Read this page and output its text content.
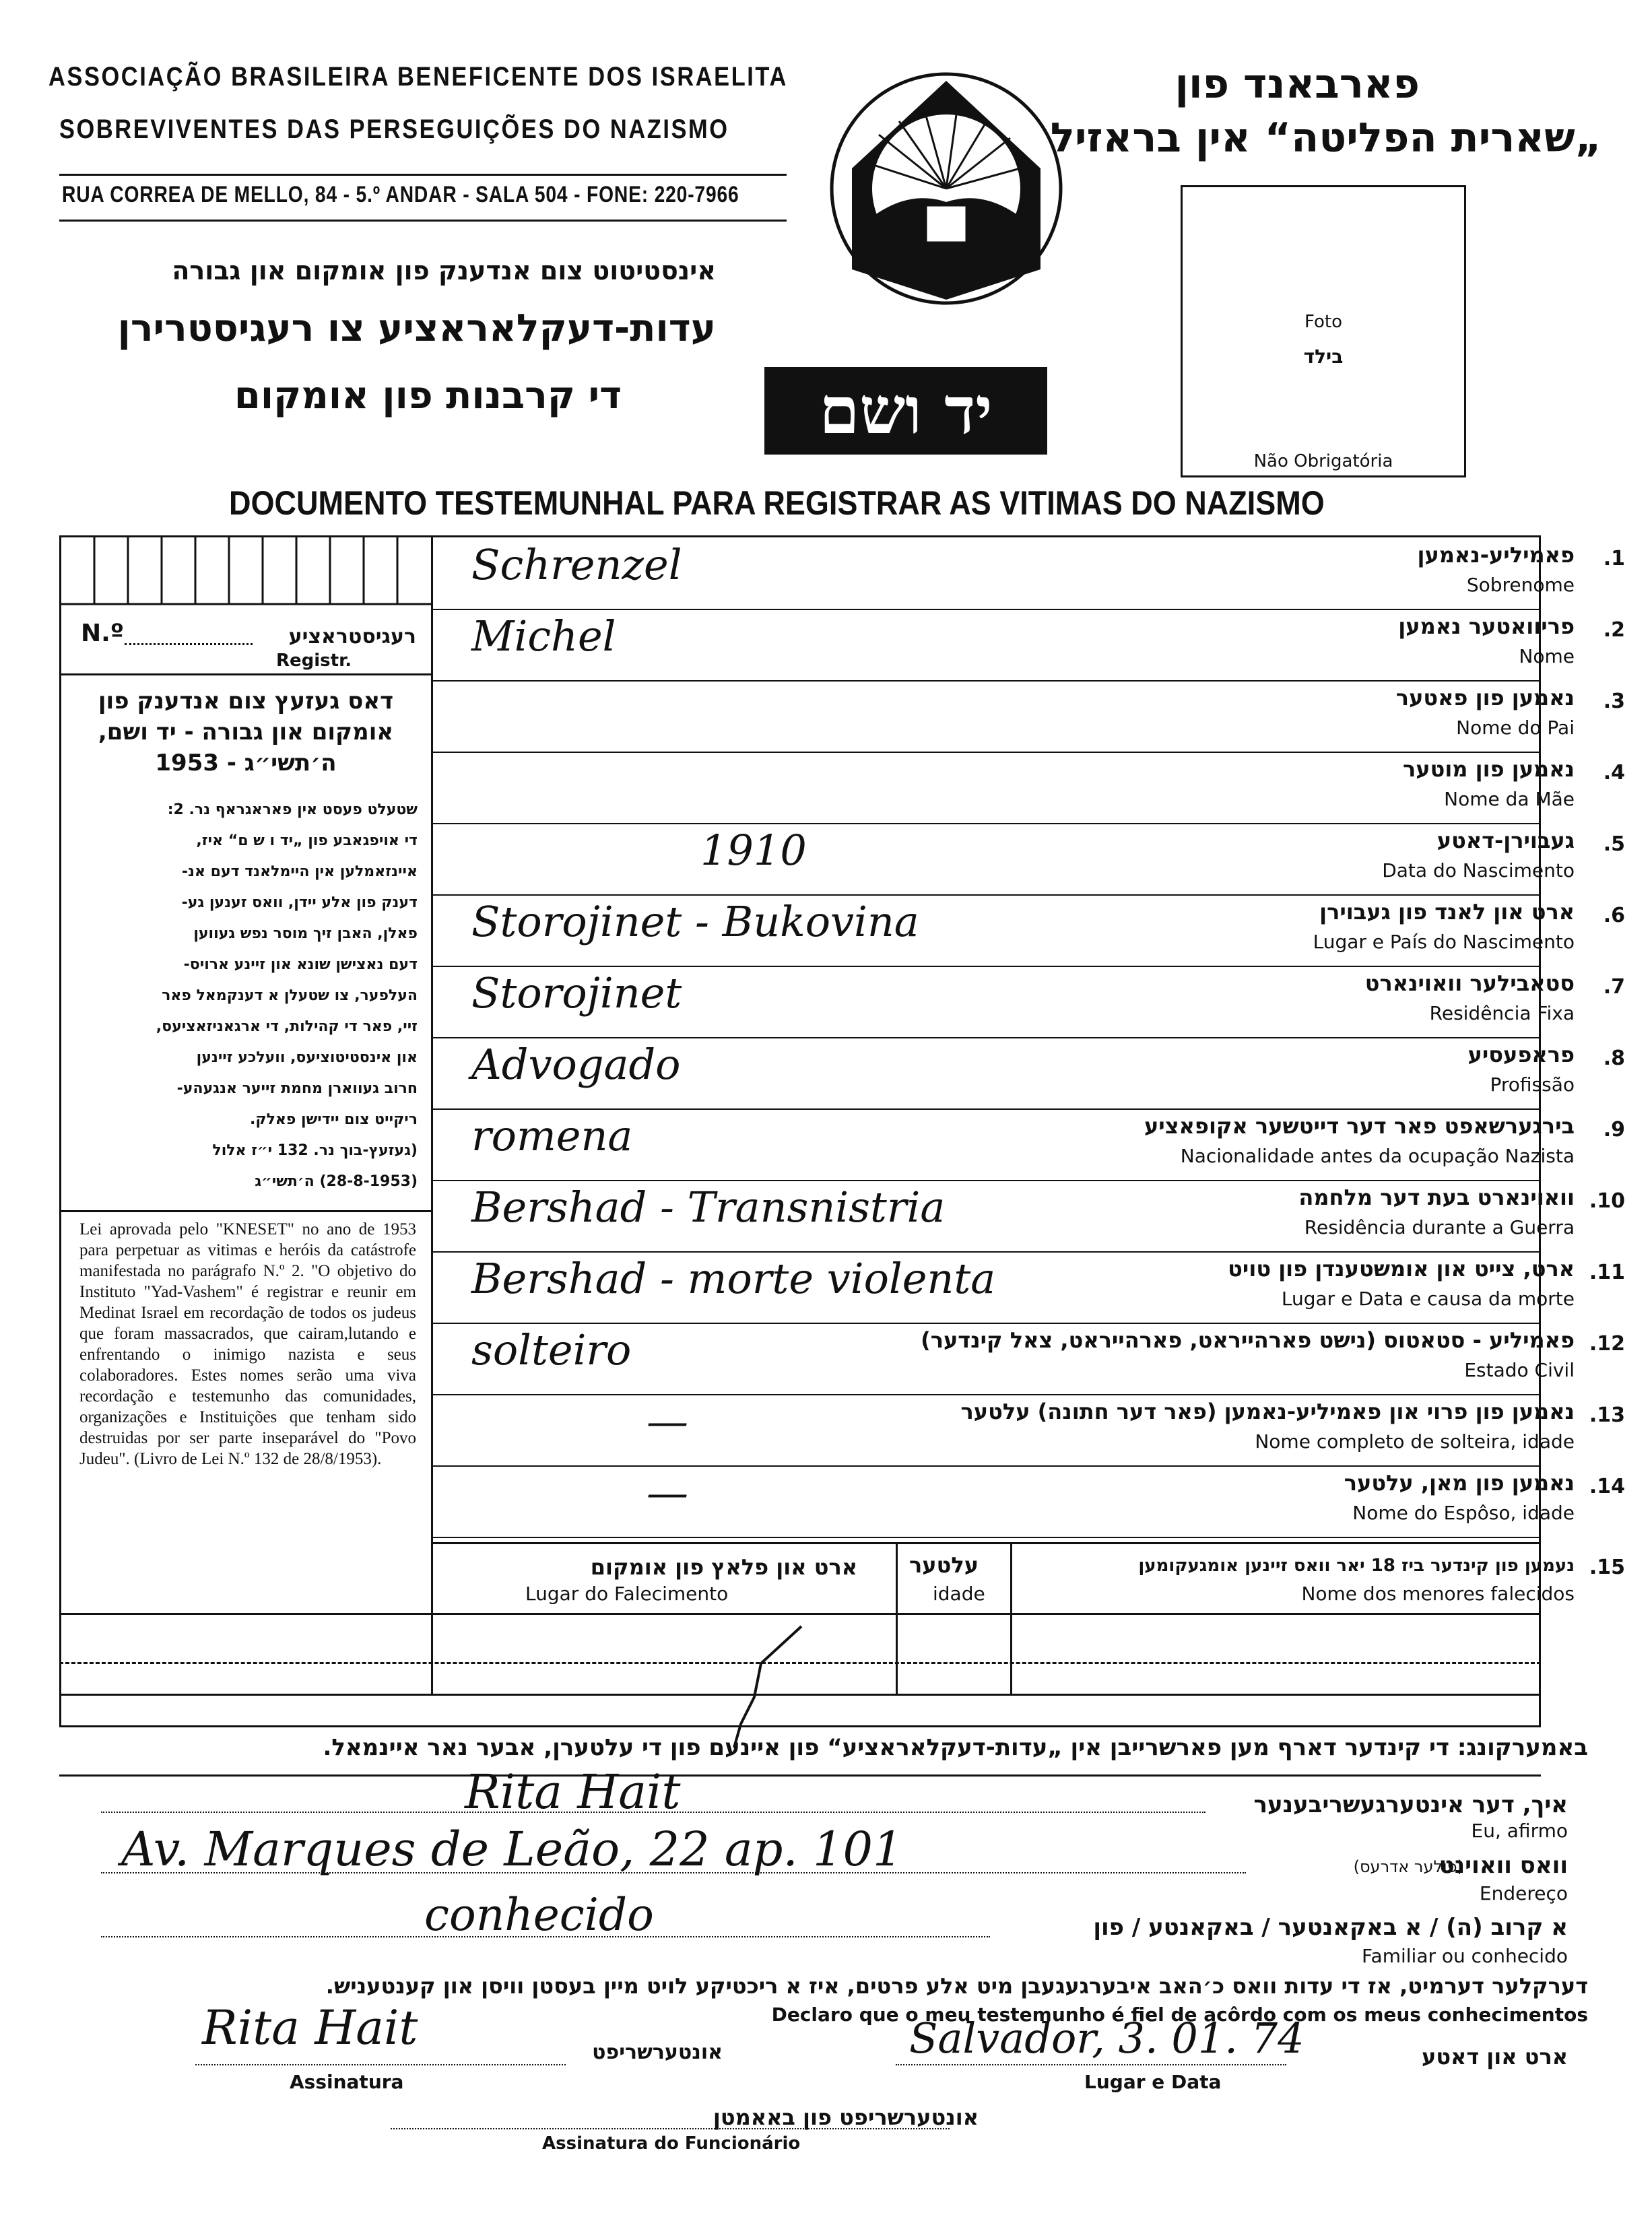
ASSOCIAÇÃO BRASILEIRA BENEFICENTE DOS ISRAELITA
SOBREVIVENTES DAS PERSEGUIÇÕES DO NAZISMO
RUA CORREA DE MELLO, 84 - 5.º ANDAR - SALA 504 - FONE: 220-7966
פארבאנד פון
„שארית הפליטה“ אין בראזיל
Foto
בילד
Não Obrigatória
אינסטיטוט צום אנדענק פון אומקום און גבורה
עדות-דעקלאראציע צו רעגיסטרירן
די קרבנות פון אומקום	יד ושם
DOCUMENTO TESTEMUNHAL PARA REGISTRAR AS VITIMAS DO NAZISMO
N.º	רעגיסטראציע
Registr.
דאס געזעץ צום אנדענק פון אומקום און גבורה - יד ושם, ה׳תשי״ג - 1953
שטעלט פעסט אין פאראגראף נר. 2:
די אויפגאבע פון „יד ו ש ם“ איז,
איינזאמלען אין היימלאנד דעם אנ-
דענק פון אלע יידן, וואס זענען גע-
פאלן, האבן זיך מוסר נפש געווען
דעם נאצישן שונא און זיינע ארויס-
העלפער, צו שטעלן א דענקמאל פאר
זיי, פאר די קהילות, די ארגאניזאציעס,
און אינסטיטוציעס, וועלכע זיינען
חרוב געווארן מחמת זייער אנגעהע-
ריקייט צום יידישן פאלק.
(געזעץ-בוך נר. 132 י״ז אלול
(28-8-1953) ה׳תשי״ג
Lei aprovada pelo "KNESET" no ano de 1953 para perpetuar as vitimas e heróis da catástrofe manifestada no parágrafo N.º 2. "O objetivo do Instituto "Yad-Vashem" é registrar e reunir em Medinat Israel em recordação de todos os judeus que foram massacrados, que cairam,lutando e enfrentando o inimigo nazista e seus colaboradores. Estes nomes serão uma viva recordação e testemunho das comunidades, organizações e Instituições que tenham sido destruidas por ser parte inseparável do "Povo Judeu". (Livro de Lei N.º 132 de 28/8/1953).
.1
פאמיליע-נאמען
Sobrenome
Schrenzel
.2
פריוואטער נאמען
Nome
Michel
.3
נאמען פון פאטער
Nome do Pai
.4
נאמען פון מוטער
Nome da Mãe
.5
געבוירן-דאטע
Data do Nascimento
1910
.6
ארט און לאנד פון געבוירן
Lugar e País do Nascimento
Storojinet - Bukovina
.7
סטאבילער וואוינארט
Residência Fixa
Storojinet
.8
פראפעסיע
Profissão
Advogado
.9
בירגערשאפט פאר דער דייטשער אקופאציע
Nacionalidade antes da ocupação Nazista
romena
.10
וואוינארט בעת דער מלחמה
Residência durante a Guerra
Bershad - Transnistria
.11
ארט, צייט און אומשטענדן פון טויט
Lugar e Data e causa da morte
Bershad - morte violenta
.12
פאמיליע - סטאטוס (נישט פארהייראט, פארהייראט, צאל קינדער)
Estado Civil
solteiro
.13
נאמען פון פרוי און פאמיליע-נאמען (פאר דער חתונה) עלטער
Nome completo de solteira, idade
—
.14
נאמען פון מאן, עלטער
Nome do Espôso, idade
—
.15
נעמען פון קינדער ביז 18 יאר וואס זיינען אומגעקומען
Nome dos menores falecidos
עלטער
idade
ארט און פלאץ פון אומקום
Lugar do Falecimento
באמערקונג: די קינדער דארף מען פארשרייבן אין „עדות-דעקלאראציע“ פון איינעם פון די עלטערן, אבער נאר איינמאל.
איך, דער אינטערגעשריבענער
Eu, afirmo
Rita Hait
וואס וואוינט
(פולער אדרעס)
Endereço
Av. Marques de Leão, 22 ap. 101
א קרוב (ה) / א באקאנטער / באקאנטע / פון
Familiar ou conhecido
conhecido
דערקלער דערמיט, אז די עדות וואס כ׳האב איבערגעגעבן מיט אלע פרטים, איז א ריכטיקע לויט מיין בעסטן וויסן און קענטעניש.
Declaro que o meu testemunho é fiel de acôrdo com os meus conhecimentos
Rita Hait	אונטערשריפט
Assinatura
Salvador, 3. 01. 74	ארט און דאטע
Lugar e Data
אונטערשריפט פון באאמטן
Assinatura do Funcionário
